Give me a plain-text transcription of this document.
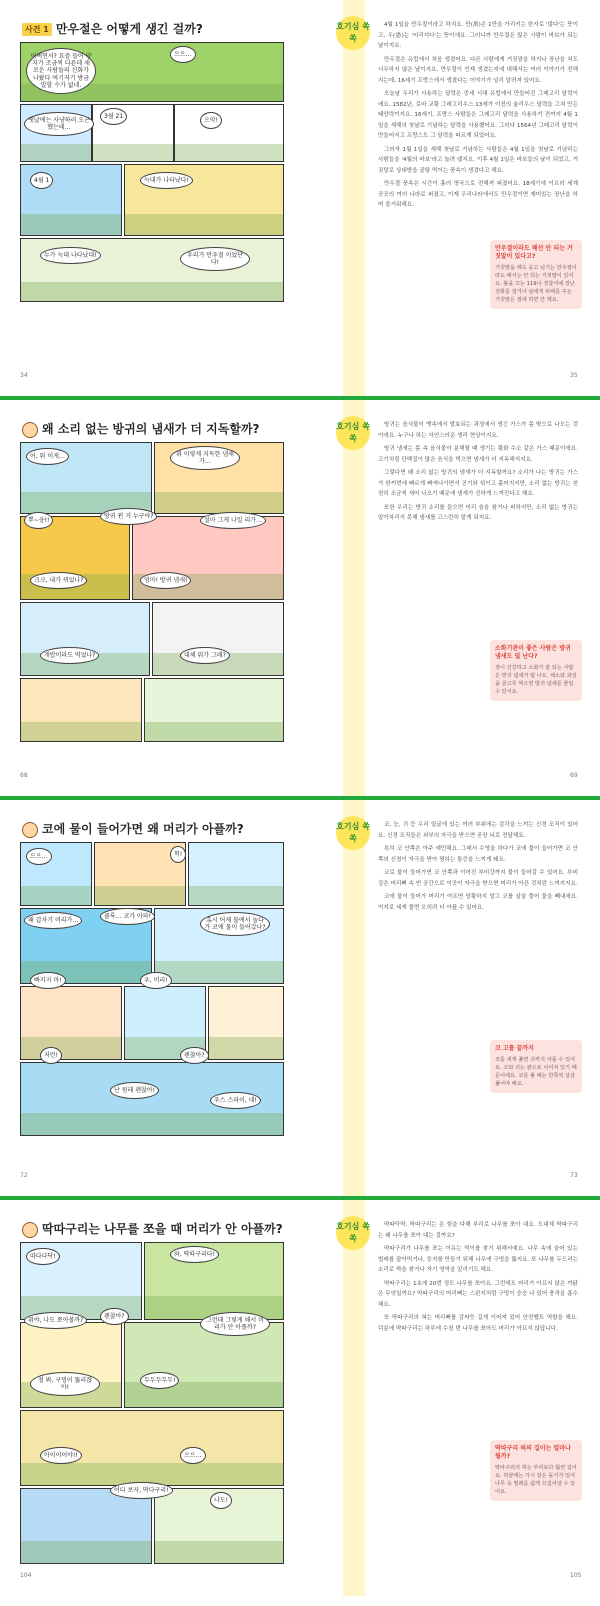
사건 1 만우절은 어떻게 생긴 걸까?
어쩌면서? 요즘 들어 양지가 조금씩 다른데 새로운 사람들의 신화가 나왔다 여기저기 방금 말할 수가 없네.
으으…
옛날에는 사냥하러 오곤 했는데…
3월 21
으악!
4월 1	늑대가 나타났다!
누가 늑대 나타났대!	우리가 만우절 이었단다!
34
호기심 쏙쏙

4월 1일을 만우절이라고 하지요. 만(萬)은 1만을 가리키는 한자로 '많다'는 뜻이고, 우(愚)는 '어리석다'는 뜻이에요. 그러니까 만우절은 많은 사람이 바보가 되는 날이지요.

만우절은 유럽에서 처음 생겼어요. 다른 사람에게 거짓말을 하거나 장난을 쳐도 너무하지 않은 날이지요. 만우절이 언제 생겼는지에 대해서는 여러 이야기가 전해지는데, 16세기 프랑스에서 생겼다는 이야기가 널리 알려져 있어요.

오늘날 우리가 사용하는 달력은 중세 시대 유럽에서 만들어진 그레고리 달력이에요. 1582년, 로마 교황 그레고리우스 13세가 이전의 율리우스 달력을 고쳐 만든 태양력이지요. 16세기, 프랑스 사람들은 그레고리 달력을 사용하기 전까지 4월 1일을 새해의 첫날로 기념하는 달력을 사용했어요. 그러다 1564년 그레고리 달력이 만들어지고 프랑스도 그 달력을 따르게 되었어요.

그러자 1월 1일을 새해 첫날로 기념하는 사람들은 4월 1일을 첫날로 기념하는 사람들을 '4월의 바보'라고 놀려 댔지요. 이후 4월 1일은 바보들의 날이 되었고, 거짓말로 상대방을 골탕 먹이는 풍속이 생겼다고 해요.

만우절 풍속은 시간이 흘러 영국으로 전해져 퍼졌어요. 18세기에 이르러 세계 곳곳의 여러 나라로 퍼졌고, 이제 우리나라에서도 만우절이면 재미있는 장난을 하며 즐거워해요.

만우절이라도 해선 안 되는 거짓말이 있다고?
거짓말을 해도 웃고 넘기는 만우절이라도 해서는 안 되는 거짓말이 있어요. 불을 끄는 119나 경찰서에 장난 전화를 걸거나 남에게 피해를 주는 거짓말은 절대 하면 안 돼요.
35
왜 소리 없는 방귀의 냄새가 더 지독할까?
어, 뭐 이게…	뭐 이렇게 지독한 냄새가…
뿌~웅!!
방귀 뀐 거 누구야?
설마 그게 나일 리가…
크크, 내가 뀌었나?	엄마! 방귀 냄새!
개밥이라도 먹었나?	대체 뭐가 그래?
68
호기심 쏙쏙

방귀는 음식물이 뱃속에서 발효되는 과정에서 생긴 가스가 몸 밖으로 나오는 것이에요. 누구나 하는 자연스러운 생리 현상이지요.

방귀 냄새는 몸 속 음식물이 분해될 때 생기는 황화 수소 같은 가스 때문이에요. 고기처럼 단백질이 많은 음식을 먹으면 냄새가 더 지독해지지요.

그렇다면 왜 소리 없는 방귀의 냄새가 더 지독할까요? 소리가 나는 방귀는 가스가 한꺼번에 빠르게 빠져나가면서 공기와 섞이고 흩어지지만, 소리 없는 방귀는 천천히 조금씩 새어 나오기 때문에 냄새가 진하게 느껴진다고 해요.

또한 우리는 방귀 소리를 들으면 미리 숨을 참거나 피하지만, 소리 없는 방귀는 알아차리지 못해 냄새를 고스란히 맡게 되지요.

소화기관이 좋은 사람은 방귀 냄새도 덜 난다?
장이 건강하고 소화가 잘 되는 사람은 방귀 냄새가 덜 나요. 채소와 과일을 골고루 먹으면 방귀 냄새를 줄일 수 있어요.
69
코에 물이 들어가면 왜 머리가 아플까?
으으…	헉!
왜 갑자기 머리가…
쿨룩… 코가 아파!
혹시 어제 물에서 놀다가 코에 물이 들어갔나?
빠지지 마!	우, 머리!
저런!	괜찮아?
난 원래 괜찮아!
우스 스파이, 네!
72
호기심 쏙쏙

코, 눈, 귀 등 우리 얼굴에 있는 여러 부위에는 감각을 느끼는 신경 조직이 있어요. 신경 조직들은 외부의 자극을 받으면 곧장 뇌로 전달해요.

특히 코 안쪽은 아주 예민해요. 그래서 수영을 하다가 코에 물이 들어가면 코 안쪽의 신경이 자극을 받아 찡하는 통증을 느끼게 돼요.

코로 물이 들어가면 코 안쪽과 이어진 부비강까지 물이 들어갈 수 있어요. 부비강은 머리뼈 속 빈 공간으로 이곳이 자극을 받으면 머리가 아픈 것처럼 느껴지지요.

코에 물이 들어가 머리가 아프면 당황하지 말고 코를 살살 풀어 물을 빼내세요. 억지로 세게 풀면 오히려 더 아플 수 있어요.

코 고를 끝까지
코를 세게 풀면 귀까지 아플 수 있어요. 코와 귀는 관으로 이어져 있기 때문이에요. 코를 풀 때는 한쪽씩 살살 풀어야 해요.
73
딱따구리는 나무를 쪼을 때 머리가 안 아플까?
따다다닥!	와, 딱따구리다!
뭐야, 나도 쪼아볼까?
괜찮아?
그런데 그렇게 해서 머리가 안 아플까?
점 봐, 구멍이 뚫리잖아!
두두두두두!
아이이이야!!	으으…
어디 보자, 딱다구리!
나도!
104
호기심 쏙쏙

딱따닥딱. 딱따구리는 온 힘을 다해 부리로 나무를 쪼아 대요. 도대체 딱따구리는 왜 나무를 쪼아 대는 걸까요?

딱따구리가 나무를 쪼는 이유는 먹이를 찾기 위해서예요. 나무 속에 숨어 있는 벌레를 잡아먹거나, 둥지를 만들기 위해 나무에 구멍을 뚫지요. 또 나무를 두드리는 소리로 짝을 찾거나 자기 영역을 알리기도 해요.

딱따구리는 1초에 20번 정도 나무를 쪼아요. 그런데도 머리가 아프지 않은 까닭은 무엇일까요? 딱따구리의 머리뼈는 스펀지처럼 구멍이 숭숭 나 있어 충격을 흡수해요.

또 딱따구리의 혀는 머리뼈를 감싸듯 길게 이어져 있어 안전벨트 역할을 해요. 덕분에 딱따구리는 하루에 수천 번 나무를 쪼아도 머리가 아프지 않답니다.

딱따구리 혀의 길이는 얼마나 될까?
딱따구리의 혀는 부리보다 훨씬 길어요. 혀끝에는 가시 같은 돌기가 있어 나무 속 벌레를 쉽게 끄집어낼 수 있어요.
105
